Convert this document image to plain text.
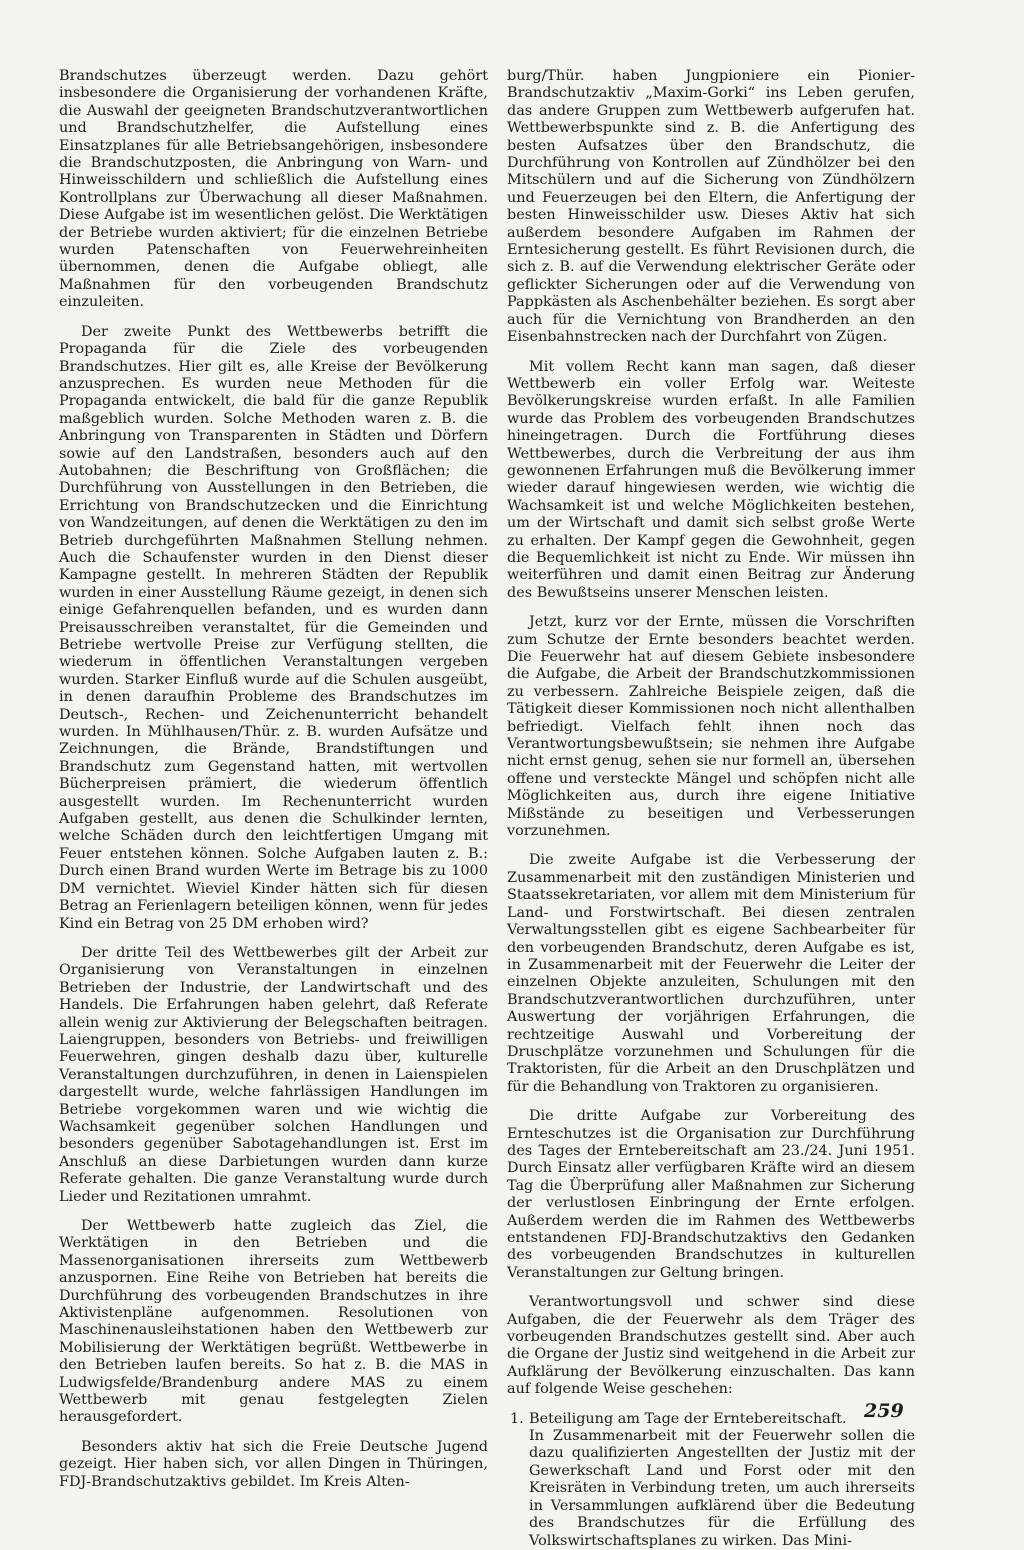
Brandschutzes überzeugt werden. Dazu gehört insbesondere die Organisierung der vorhandenen Kräfte, die Auswahl der geeigneten Brandschutzverantwortlichen und Brandschutzhelfer, die Aufstellung eines Einsatzplanes für alle Betriebsangehörigen, insbesondere die Brandschutzposten, die Anbringung von Warn- und Hinweisschildern und schließlich die Aufstellung eines Kontrollplans zur Überwachung all dieser Maßnahmen. Diese Aufgabe ist im wesentlichen gelöst. Die Werktätigen der Betriebe wurden aktiviert; für die einzelnen Betriebe wurden Patenschaften von Feuerwehreinheiten übernommen, denen die Aufgabe obliegt, alle Maßnahmen für den vorbeugenden Brandschutz einzuleiten.

Der zweite Punkt des Wettbewerbs betrifft die Propaganda für die Ziele des vorbeugenden Brandschutzes. Hier gilt es, alle Kreise der Bevölkerung anzusprechen. Es wurden neue Methoden für die Propaganda entwickelt, die bald für die ganze Republik maßgeblich wurden. Solche Methoden waren z. B. die Anbringung von Transparenten in Städten und Dörfern sowie auf den Landstraßen, besonders auch auf den Autobahnen; die Beschriftung von Großflächen; die Durchführung von Ausstellungen in den Betrieben, die Errichtung von Brandschutzecken und die Einrichtung von Wandzeitungen, auf denen die Werktätigen zu den im Betrieb durchgeführten Maßnahmen Stellung nehmen. Auch die Schaufenster wurden in den Dienst dieser Kampagne gestellt. In mehreren Städten der Republik wurden in einer Ausstellung Räume gezeigt, in denen sich einige Gefahrenquellen befanden, und es wurden dann Preisausschreiben veranstaltet, für die Gemeinden und Betriebe wertvolle Preise zur Verfügung stellten, die wiederum in öffentlichen Veranstaltungen vergeben wurden. Starker Einfluß wurde auf die Schulen ausgeübt, in denen daraufhin Probleme des Brandschutzes im Deutsch-, Rechen- und Zeichenunterricht behandelt wurden. In Mühlhausen/Thür. z. B. wurden Aufsätze und Zeichnungen, die Brände, Brandstiftungen und Brandschutz zum Gegenstand hatten, mit wertvollen Bücherpreisen prämiert, die wiederum öffentlich ausgestellt wurden. Im Rechenunterricht wurden Aufgaben gestellt, aus denen die Schulkinder lernten, welche Schäden durch den leichtfertigen Umgang mit Feuer entstehen können. Solche Aufgaben lauten z. B.: Durch einen Brand wurden Werte im Betrage bis zu 1000 DM vernichtet. Wieviel Kinder hätten sich für diesen Betrag an Ferienlagern beteiligen können, wenn für jedes Kind ein Betrag von 25 DM erhoben wird?

Der dritte Teil des Wettbewerbes gilt der Arbeit zur Organisierung von Veranstaltungen in einzelnen Betrieben der Industrie, der Landwirtschaft und des Handels. Die Erfahrungen haben gelehrt, daß Referate allein wenig zur Aktivierung der Belegschaften beitragen. Laiengruppen, besonders von Betriebs- und freiwilligen Feuerwehren, gingen deshalb dazu über, kulturelle Veranstaltungen durchzuführen, in denen in Laienspielen dargestellt wurde, welche fahrlässigen Handlungen im Betriebe vorgekommen waren und wie wichtig die Wachsamkeit gegenüber solchen Handlungen und besonders gegenüber Sabotagehandlungen ist. Erst im Anschluß an diese Darbietungen wurden dann kurze Referate gehalten. Die ganze Veranstaltung wurde durch Lieder und Rezitationen umrahmt.

Der Wettbewerb hatte zugleich das Ziel, die Werktätigen in den Betrieben und die Massenorganisationen ihrerseits zum Wettbewerb anzuspornen. Eine Reihe von Betrieben hat bereits die Durchführung des vorbeugenden Brandschutzes in ihre Aktivistenpläne aufgenommen. Resolutionen von Maschinenausleihstationen haben den Wettbewerb zur Mobilisierung der Werktätigen begrüßt. Wettbewerbe in den Betrieben laufen bereits. So hat z. B. die MAS in Ludwigsfelde/Brandenburg andere MAS zu einem Wettbewerb mit genau festgelegten Zielen herausgefordert.

Besonders aktiv hat sich die Freie Deutsche Jugend gezeigt. Hier haben sich, vor allen Dingen in Thüringen, FDJ-Brandschutzaktivs gebildet. Im Kreis Alten-

burg/Thür. haben Jungpioniere ein Pionier-Brandschutzaktiv „Maxim-Gorki“ ins Leben gerufen, das andere Gruppen zum Wettbewerb aufgerufen hat. Wettbewerbspunkte sind z. B. die Anfertigung des besten Aufsatzes über den Brandschutz, die Durchführung von Kontrollen auf Zündhölzer bei den Mitschülern und auf die Sicherung von Zündhölzern und Feuerzeugen bei den Eltern, die Anfertigung der besten Hinweisschilder usw. Dieses Aktiv hat sich außerdem besondere Aufgaben im Rahmen der Erntesicherung gestellt. Es führt Revisionen durch, die sich z. B. auf die Verwendung elektrischer Geräte oder geflickter Sicherungen oder auf die Verwendung von Pappkästen als Aschenbehälter beziehen. Es sorgt aber auch für die Vernichtung von Brandherden an den Eisenbahnstrecken nach der Durchfahrt von Zügen.

Mit vollem Recht kann man sagen, daß dieser Wettbewerb ein voller Erfolg war. Weiteste Bevölkerungskreise wurden erfaßt. In alle Familien wurde das Problem des vorbeugenden Brandschutzes hineingetragen. Durch die Fortführung dieses Wettbewerbes, durch die Verbreitung der aus ihm gewonnenen Erfahrungen muß die Bevölkerung immer wieder darauf hingewiesen werden, wie wichtig die Wachsamkeit ist und welche Möglichkeiten bestehen, um der Wirtschaft und damit sich selbst große Werte zu erhalten. Der Kampf gegen die Gewohnheit, gegen die Bequemlichkeit ist nicht zu Ende. Wir müssen ihn weiterführen und damit einen Beitrag zur Änderung des Bewußtseins unserer Menschen leisten.

Jetzt, kurz vor der Ernte, müssen die Vorschriften zum Schutze der Ernte besonders beachtet werden. Die Feuerwehr hat auf diesem Gebiete insbesondere die Aufgabe, die Arbeit der Brandschutzkommissionen zu verbessern. Zahlreiche Beispiele zeigen, daß die Tätigkeit dieser Kommissionen noch nicht allenthalben befriedigt. Vielfach fehlt ihnen noch das Verantwortungsbewußtsein; sie nehmen ihre Aufgabe nicht ernst genug, sehen sie nur formell an, übersehen offene und versteckte Mängel und schöpfen nicht alle Möglichkeiten aus, durch ihre eigene Initiative Mißstände zu beseitigen und Verbesserungen vorzunehmen.

Die zweite Aufgabe ist die Verbesserung der Zusammenarbeit mit den zuständigen Ministerien und Staatssekretariaten, vor allem mit dem Ministerium für Land- und Forstwirtschaft. Bei diesen zentralen Verwaltungsstellen gibt es eigene Sachbearbeiter für den vorbeugenden Brandschutz, deren Aufgabe es ist, in Zusammenarbeit mit der Feuerwehr die Leiter der einzelnen Objekte anzuleiten, Schulungen mit den Brandschutzverantwortlichen durchzuführen, unter Auswertung der vorjährigen Erfahrungen, die rechtzeitige Auswahl und Vorbereitung der Druschplätze vorzunehmen und Schulungen für die Traktoristen, für die Arbeit an den Druschplätzen und für die Behandlung von Traktoren zu organisieren.

Die dritte Aufgabe zur Vorbereitung des Ernteschutzes ist die Organisation zur Durchführung des Tages der Erntebereitschaft am 23./24. Juni 1951. Durch Einsatz aller verfügbaren Kräfte wird an diesem Tag die Überprüfung aller Maßnahmen zur Sicherung der verlustlosen Einbringung der Ernte erfolgen. Außerdem werden die im Rahmen des Wettbewerbs entstandenen FDJ-Brandschutzaktivs den Gedanken des vorbeugenden Brandschutzes in kulturellen Veranstaltungen zur Geltung bringen.

Verantwortungsvoll und schwer sind diese Aufgaben, die der Feuerwehr als dem Träger des vorbeugenden Brandschutzes gestellt sind. Aber auch die Organe der Justiz sind weitgehend in die Arbeit zur Aufklärung der Bevölkerung einzuschalten. Das kann auf folgende Weise geschehen:

1. Beteiligung am Tage der Erntebereitschaft.
In Zusammenarbeit mit der Feuerwehr sollen die dazu qualifizierten Angestellten der Justiz mit der Gewerkschaft Land und Forst oder mit den Kreisräten in Verbindung treten, um auch ihrerseits in Versammlungen aufklärend über die Bedeutung des Brandschutzes für die Erfüllung des Volkswirtschaftsplanes zu wirken. Das Mini-
259
